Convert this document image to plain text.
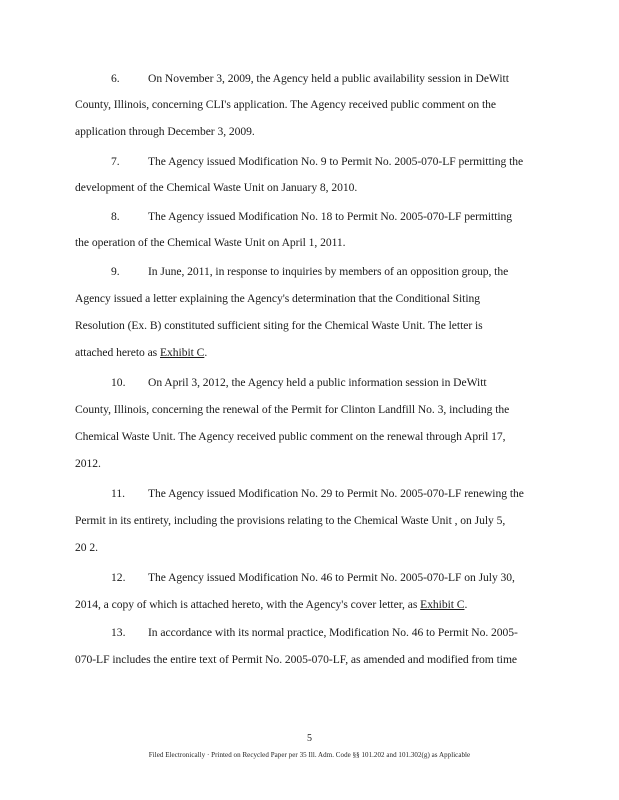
6. On November 3, 2009, the Agency held a public availability session in DeWitt
County, Illinois, concerning CLI's application. The Agency received public comment on the
application through December 3, 2009.
7. The Agency issued Modification No. 9 to Permit No. 2005-070-LF permitting the
development of the Chemical Waste Unit on January 8, 2010.
8. The Agency issued Modification No. 18 to Permit No. 2005-070-LF permitting
the operation of the Chemical Waste Unit on April 1, 2011.
9. In June, 2011, in response to inquiries by members of an opposition group, the
Agency issued a letter explaining the Agency's determination that the Conditional Siting
Resolution (Ex. B) constituted sufficient siting for the Chemical Waste Unit. The letter is
attached hereto as Exhibit C.
10. On April 3, 2012, the Agency held a public information session in DeWitt
County, Illinois, concerning the renewal of the Permit for Clinton Landfill No. 3, including the
Chemical Waste Unit. The Agency received public comment on the renewal through April 17,
2012.
11. The Agency issued Modification No. 29 to Permit No. 2005-070-LF renewing the
Permit in its entirety, including the provisions relating to the Chemical Waste Unit , on July 5,
20 2.
12. The Agency issued Modification No. 46 to Permit No. 2005-070-LF on July 30,
2014, a copy of which is attached hereto, with the Agency's cover letter, as Exhibit C.
13. In accordance with its normal practice, Modification No. 46 to Permit No. 2005-
070-LF includes the entire text of Permit No. 2005-070-LF, as amended and modified from time
5
Filed Electronically · Printed on Recycled Paper per 35 Ill. Adm. Code §§ 101.202 and 101.302(g) as Applicable
